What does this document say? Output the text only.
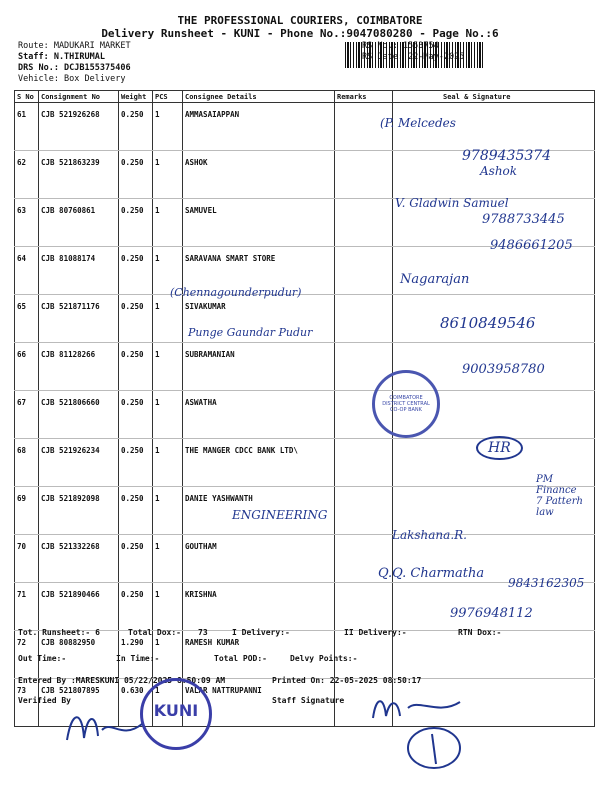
THE PROFESSIONAL COURIERS, COIMBATORE
Delivery Runsheet - KUNI - Phone No.:9047080280 - Page No.:6
Route: MADUKARI MARKET
Staff: N.THIRUMAL
DRS No.: DCJB155375406
Vehicle: Box Delivery
RS No.: 1553754
RS Date: 22-May-2025
S No	Consignment No	Weight	PCS	Consignee Details	Remarks	Seal & Signature
61	CJB 521926268	0.250	1	AMMASAIAPPAN		
62	CJB 521863239	0.250	1	ASHOK		
63	CJB 80760861	0.250	1	SAMUVEL		
64	CJB 81088174	0.250	1	SARAVANA SMART STORE		
65	CJB 521871176	0.250	1	SIVAKUMAR		
66	CJB 81128266	0.250	1	SUBRAMANIAN		
67	CJB 521806660	0.250	1	ASWATHA		
68	CJB 521926234	0.250	1	THE MANGER CDCC BANK LTD\		
69	CJB 521892098	0.250	1	DANIE YASHWANTH		
70	CJB 521332268	0.250	1	GOUTHAM		
71	CJB 521890466	0.250	1	KRISHNA		
72	CJB 80882950	1.290	1	RAMESH KUMAR		
73	CJB 521807895	0.630	1	VALAR NATTRUPANNI		
(P. Melcedes
9789435374
Ashok
V. Gladwin Samuel
9788733445
9486661205
Nagarajan
(Chennagounderpudur)
8610849546
Punge Gaundar Pudur
9003958780
COIMBATORE DISTRICT CENTRAL CO-OP BANK
HR
PM Finance 7 Patterh law
ENGINEERING
Lakshana.R.
Q.Q. Charmatha
9843162305
9976948112
Tot. Runsheet:- 6	Total Dox:- 73	I Delivery:-	II Delivery:-	RTN Dox:-
Out Time:-	In Time:-	Total POD:-	Delvy Points:-
Entered By :MARESKUNI 05/22/2025 8:50:09 AM	Printed On: 22-05-2025 08:50:17
Verified By	Staff Signature
KUNI
